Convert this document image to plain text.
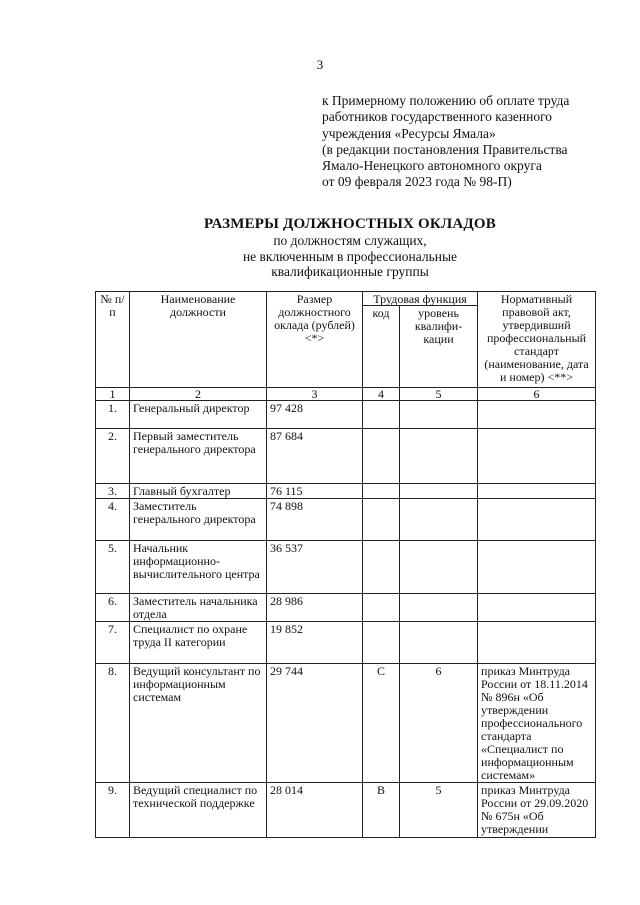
3
к Примерному положению об оплате труда
работников государственного казенного
учреждения «Ресурсы Ямала»
(в редакции постановления Правительства
Ямало-Ненецкого автономного округа
от 09 февраля 2023 года № 98-П)
РАЗМЕРЫ ДОЛЖНОСТНЫХ ОКЛАДОВ
по должностям служащих,
не включенным в профессиональные
квалификационные группы
№ п/п	Наименование должности	Размер должностного оклада (рублей) <*>	Трудовая функция		Нормативный правовой акт, утвердивший профессиональный стандарт (наименование, дата и номер) <**>
			код	уровень квалифи-кации	
1	2	3	4	5	6
1.	Генеральный директор	97 428			
2.	Первый заместитель генерального директора	87 684			
3.	Главный бухгалтер	76 115			
4.	Заместитель генерального директора	74 898			
5.	Начальник информационно-вычислительного центра	36 537			
6.	Заместитель начальника отдела	28 986			
7.	Специалист по охране труда II категории	19 852			
8.	Ведущий консультант по информационным системам	29 744	С	6	приказ Минтруда России от 18.11.2014 № 896н «Об утверждении профессионального стандарта «Специалист по информационным системам»
9.	Ведущий специалист по технической поддержке	28 014	В	5	приказ Минтруда России от 29.09.2020 № 675н «Об утверждении
